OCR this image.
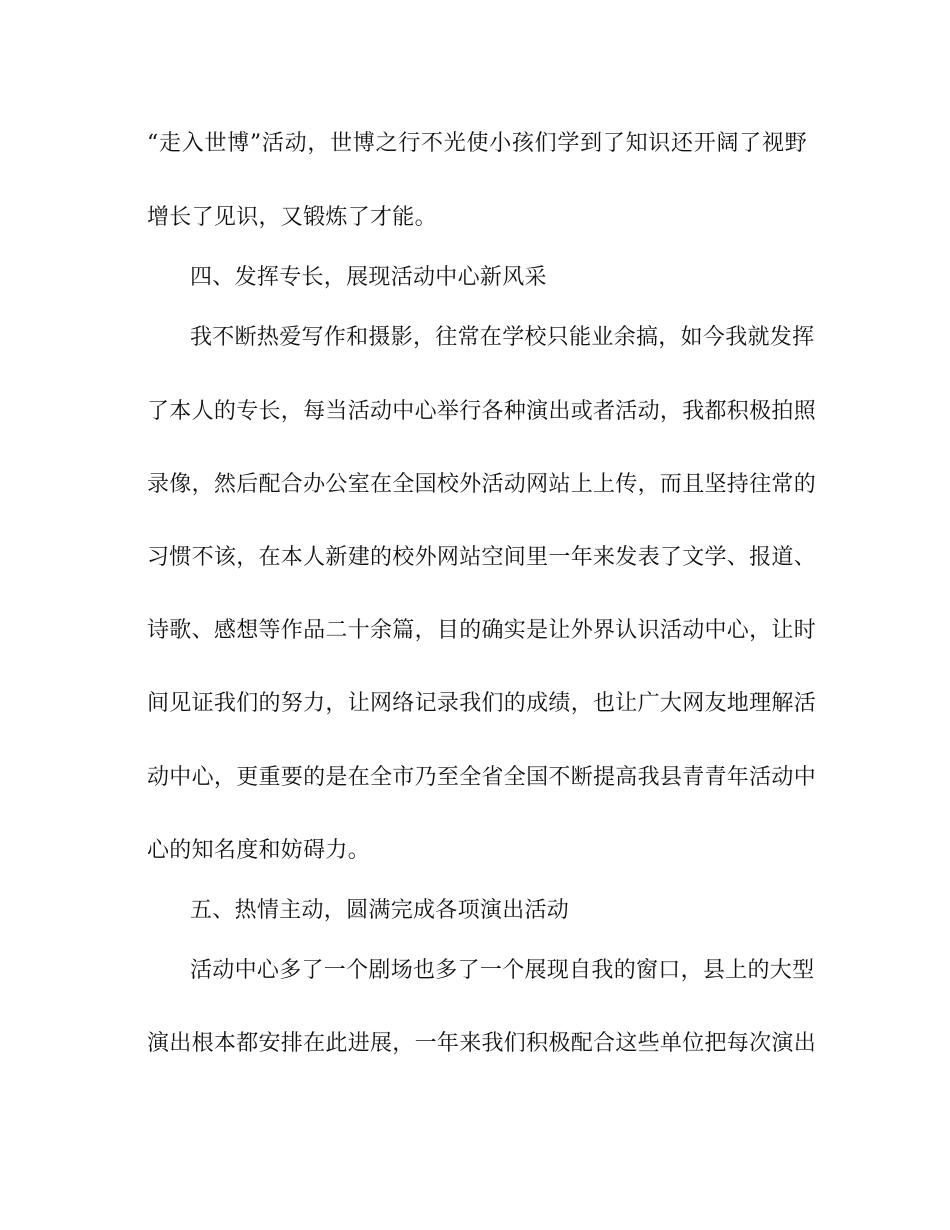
“走入世博”活动，世博之行不光使小孩们学到了知识还开阔了视野
增长了见识，又锻炼了才能。
四、发挥专长，展现活动中心新风采
我不断热爱写作和摄影，往常在学校只能业余搞，如今我就发挥
了本人的专长，每当活动中心举行各种演出或者活动，我都积极拍照
录像，然后配合办公室在全国校外活动网站上上传，而且坚持往常的
习惯不该，在本人新建的校外网站空间里一年来发表了文学、报道、
诗歌、感想等作品二十余篇，目的确实是让外界认识活动中心，让时
间见证我们的努力，让网络记录我们的成绩，也让广大网友地理解活
动中心，更重要的是在全市乃至全省全国不断提高我县青青年活动中
心的知名度和妨碍力。
五、热情主动，圆满完成各项演出活动
活动中心多了一个剧场也多了一个展现自我的窗口，县上的大型
演出根本都安排在此进展，一年来我们积极配合这些单位把每次演出
